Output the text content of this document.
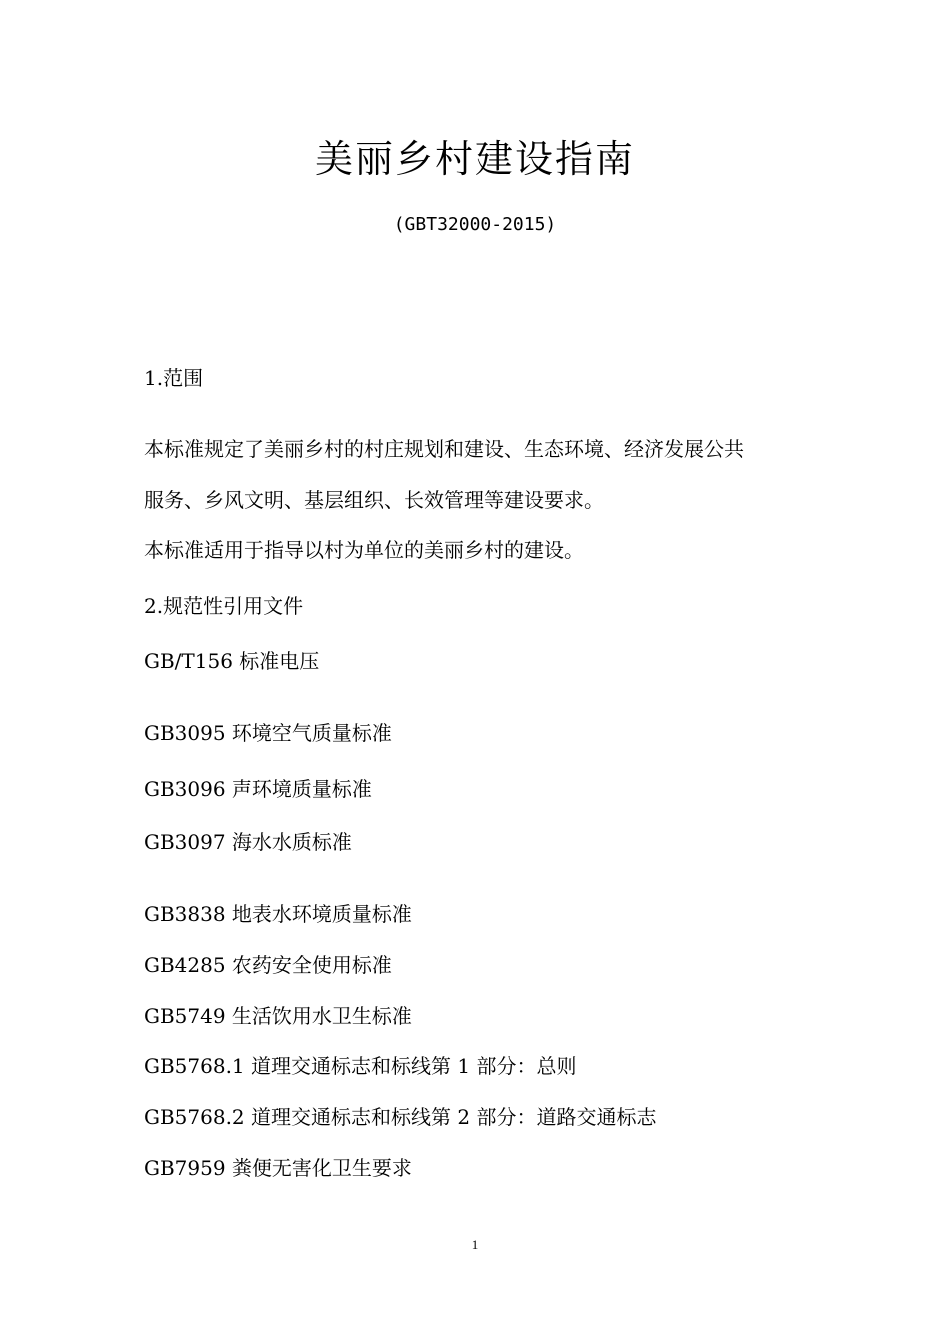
美丽乡村建设指南
(GBT32000-2015)
1.范围
本标准规定了美丽乡村的村庄规划和建设、生态环境、经济发展公共
服务、乡风文明、基层组织、长效管理等建设要求。
本标准适用于指导以村为单位的美丽乡村的建设。
2.规范性引用文件
GB/T156 标准电压
GB3095 环境空气质量标准
GB3096 声环境质量标准
GB3097 海水水质标准
GB3838 地表水环境质量标准
GB4285 农药安全使用标准
GB5749 生活饮用水卫生标准
GB5768.1 道理交通标志和标线第 1 部分：总则
GB5768.2 道理交通标志和标线第 2 部分：道路交通标志
GB7959 粪便无害化卫生要求
1
